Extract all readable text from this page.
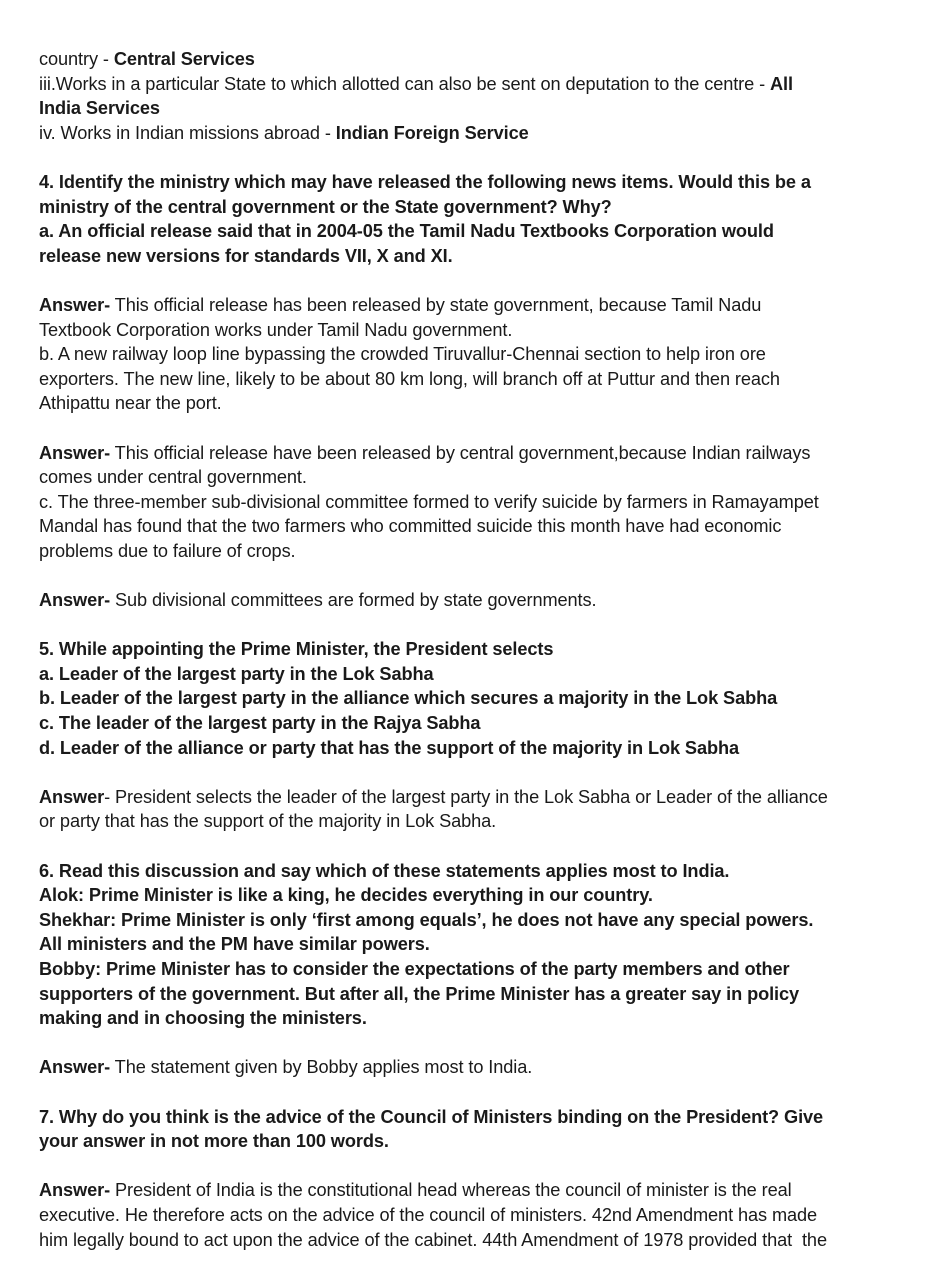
country - Central Services
iii.Works in a particular State to which allotted can also be sent on deputation to the centre - All
India Services
iv. Works in Indian missions abroad - Indian Foreign Service
4. Identify the ministry which may have released the following news items. Would this be a
ministry of the central government or the State government? Why?
a. An official release said that in 2004-05 the Tamil Nadu Textbooks Corporation would
release new versions for standards VII, X and XI.
Answer- This official release has been released by state government, because Tamil Nadu
Textbook Corporation works under Tamil Nadu government.
b. A new railway loop line bypassing the crowded Tiruvallur-Chennai section to help iron ore
exporters. The new line, likely to be about 80 km long, will branch off at Puttur and then reach
Athipattu near the port.
Answer- This official release have been released by central government,because Indian railways
comes under central government.
c. The three-member sub-divisional committee formed to verify suicide by farmers in Ramayampet
Mandal has found that the two farmers who committed suicide this month have had economic
problems due to failure of crops.
Answer- Sub divisional committees are formed by state governments.
5. While appointing the Prime Minister, the President selects
a. Leader of the largest party in the Lok Sabha
b. Leader of the largest party in the alliance which secures a majority in the Lok Sabha
c. The leader of the largest party in the Rajya Sabha
d. Leader of the alliance or party that has the support of the majority in Lok Sabha
Answer- President selects the leader of the largest party in the Lok Sabha or Leader of the alliance
or party that has the support of the majority in Lok Sabha.
6. Read this discussion and say which of these statements applies most to India.
Alok: Prime Minister is like a king, he decides everything in our country.
Shekhar: Prime Minister is only ‘first among equals’, he does not have any special powers.
All ministers and the PM have similar powers.
Bobby: Prime Minister has to consider the expectations of the party members and other
supporters of the government. But after all, the Prime Minister has a greater say in policy
making and in choosing the ministers.
Answer- The statement given by Bobby applies most to India.
7. Why do you think is the advice of the Council of Ministers binding on the President? Give
your answer in not more than 100 words.
Answer- President of India is the constitutional head whereas the council of minister is the real
executive. He therefore acts on the advice of the council of ministers. 42nd Amendment has made
him legally bound to act upon the advice of the cabinet. 44th Amendment of 1978 provided that  the
